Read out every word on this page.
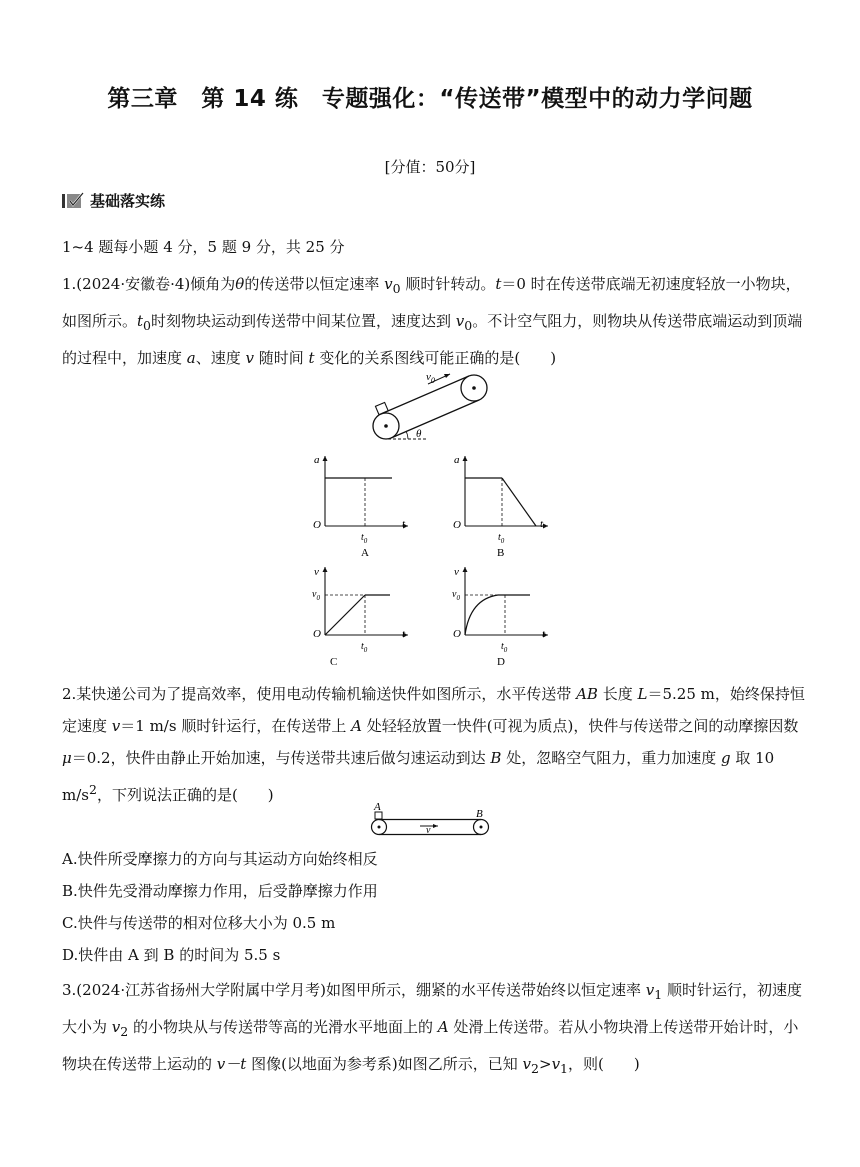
第三章　第 14 练　专题强化：“传送带”模型中的动力学问题
[分值：50分]
基础落实练
1~4 题每小题 4 分，5 题 9 分，共 25 分
1.(2024·安徽卷·4)倾角为θ的传送带以恒定速率 $v_0$ 顺时针转动。t＝0 时在传送带底端无初速度轻放一小物块，如图所示。$t_0$时刻物块运动到传送带中间某位置，速度达到 $v_0$。不计空气阻力，则物块从传送带底端运动到顶端的过程中，加速度 a、速度 v 随时间 t 变化的关系图线可能正确的是(　　)
$v_0$
θ
a
O	t
$t_0$
A
a
O	t
$t_0$
B
v
O	t
$v_0$
$t_0$
C
v
O	t
$v_0$
$t_0$
D
2.某快递公司为了提高效率，使用电动传输机输送快件如图所示，水平传送带 AB 长度 L＝5.25 m，始终保持恒定速度 v＝1 m/s 顺时针运行，在传送带上 A 处轻轻放置一快件(可视为质点)，快件与传送带之间的动摩擦因数μ＝0.2，快件由静止开始加速，与传送带共速后做匀速运动到达 B 处，忽略空气阻力，重力加速度 g 取 10 $m/s^2$，下列说法正确的是(　　)
A
B
v
A.快件所受摩擦力的方向与其运动方向始终相反
B.快件先受滑动摩擦力作用，后受静摩擦力作用
C.快件与传送带的相对位移大小为 0.5 m
D.快件由 A 到 B 的时间为 5.5 s
3.(2024·江苏省扬州大学附属中学月考)如图甲所示，绷紧的水平传送带始终以恒定速率 $v_1$ 顺时针运行，初速度大小为 $v_2$ 的小物块从与传送带等高的光滑水平地面上的 A 处滑上传送带。若从小物块滑上传送带开始计时，小物块在传送带上运动的 v－t 图像(以地面为参考系)如图乙所示，已知 $v_2>v_1$，则(　　)
